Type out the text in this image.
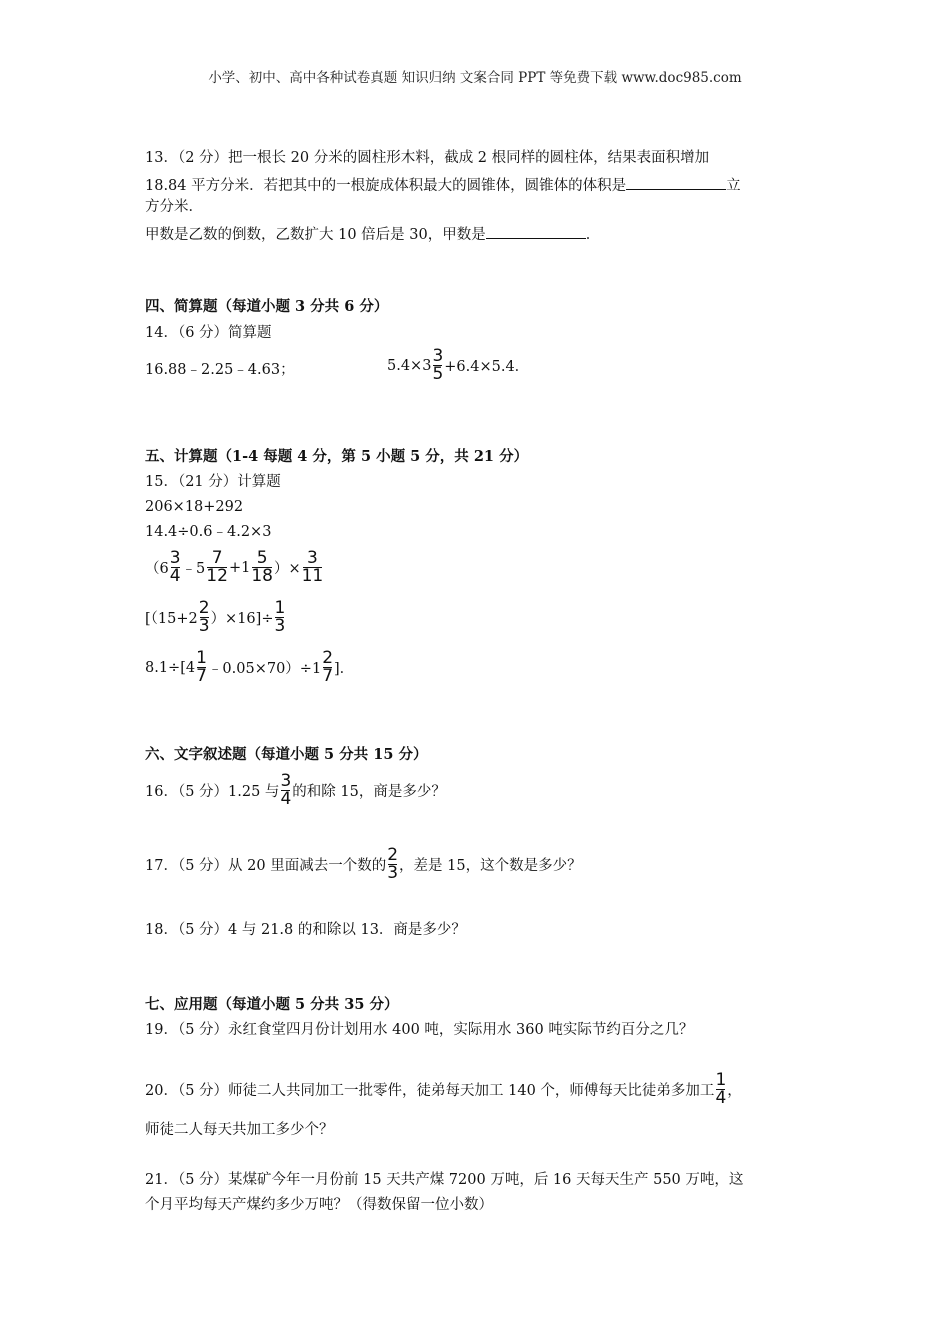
小学、初中、高中各种试卷真题 知识归纳 文案合同 PPT 等免费下载 www.doc985.com
13．（2 分）把一根长 20 分米的圆柱形木料，截成 2 根同样的圆柱体，结果表面积增加
18.84 平方分米．若把其中的一根旋成体积最大的圆锥体，圆锥体的体积是	立
方分米．
甲数是乙数的倒数，乙数扩大 10 倍后是 30，甲数是	．
四、简算题（每道小题 3 分共 6 分）
14．（6 分）简算题
16.88﹣2.25﹣4.63；	$5.4\times 3 \frac{3}{5} +6.4\times 5.4$．
五、计算题（1-4 每题 4 分，第 5 小题 5 分，共 21 分）
15．（21 分）计算题
206×18+292
14.4÷0.6﹣4.2×3
（$6 \frac{3}{4}$ ﹣5 $\frac{7}{12} +1 \frac{5}{18}$ ）× $\frac{3}{11}$
$[(15+2 \frac{2}{3} )\times 16]\div \frac{1}{3}$
$8.1\div[4 \frac{1}{7}$ ﹣0.05×70）÷1 $\frac{2}{7}$ ]．
六、文字叙述题（每道小题 5 分共 15 分）
16．（5 分）1.25 与 $\frac{3}{4}$ 的和除 15，商是多少？
17．（5 分）从 20 里面减去一个数的 $\frac{2}{3}$ ，差是 15，这个数是多少？
18．（5 分）4 与 21.8 的和除以 13．商是多少？
七、应用题（每道小题 5 分共 35 分）
19．（5 分）永红食堂四月份计划用水 400 吨，实际用水 360 吨实际节约百分之几？
20．（5 分）师徒二人共同加工一批零件，徒弟每天加工 140 个，师傅每天比徒弟多加工 $\frac{1}{4}$ ，
师徒二人每天共加工多少个？
21．（5 分）某煤矿今年一月份前 15 天共产煤 7200 万吨，后 16 天每天生产 550 万吨，这
个月平均每天产煤约多少万吨？（得数保留一位小数）
